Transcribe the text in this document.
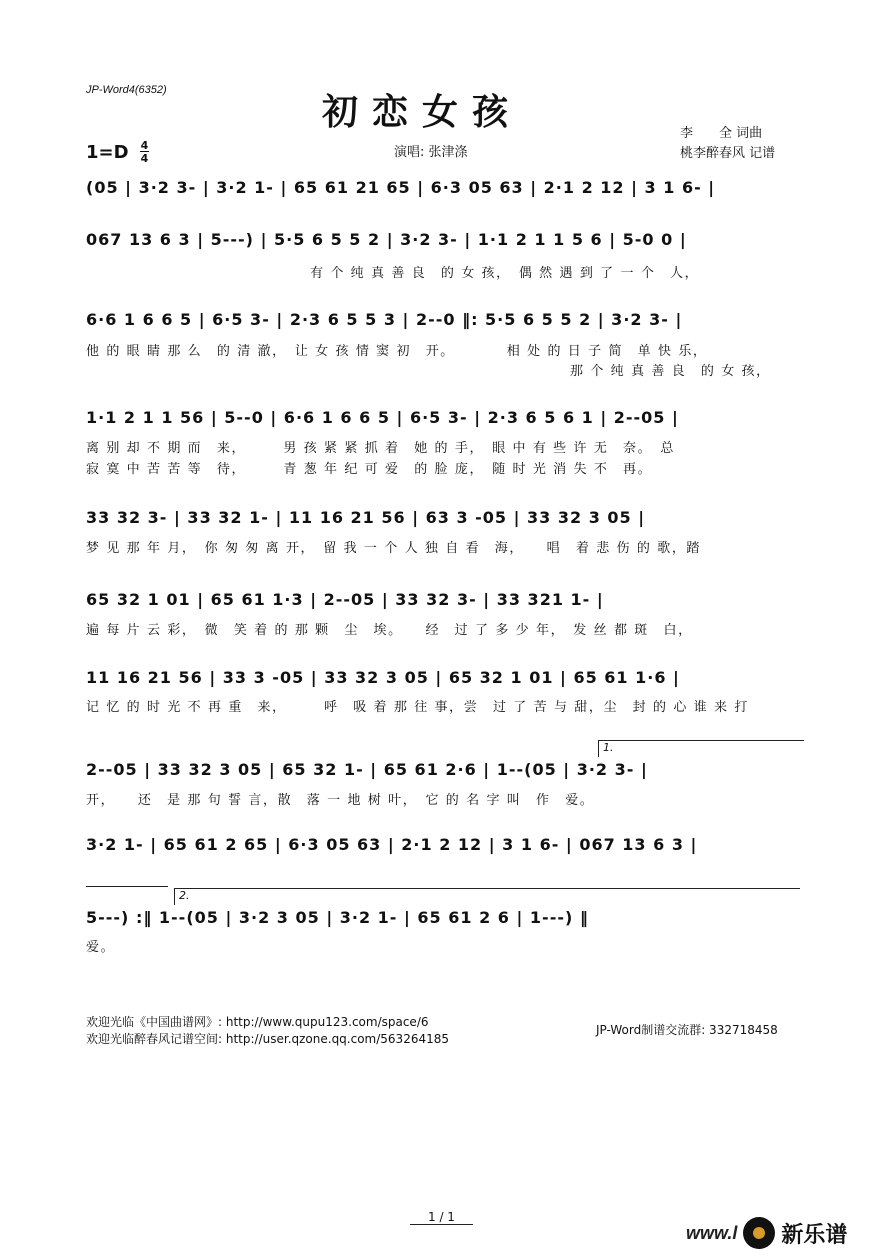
JP-Word4(6352)
初恋女孩
李　　全 词曲
桃李醉春风 记谱
演唱: 张津涤
1=D 4
4
(05 | 3·2 3- | 3·2 1- | 65 61 21 65 | 6·3 05 63 | 2·1 2 12 | 3 1 6- |
067 13 6 3 | 5---) | 5·5 6 5 5 2 | 3·2 3- | 1·1 2 1 1 5 6 | 5-0 0 |
有 个 纯 真 善 良　的 女 孩，　偶 然 遇 到 了 一 个　人，
6·6 1 6 6 5 | 6·5 3- | 2·3 6 5 5 3 | 2--0 ‖: 5·5 6 5 5 2 | 3·2 3- |
他 的 眼 睛 那 么　的 清 澈，　让 女 孩 情 窦 初　开。　　　　相 处 的 日 子 简　单 快 乐，
那 个 纯 真 善 良　的 女 孩，
1·1 2 1 1 56 | 5--0 | 6·6 1 6 6 5 | 6·5 3- | 2·3 6 5 6 1 | 2--05 |
离 别 却 不 期 而　来，　　　男 孩 紧 紧 抓 着　她 的 手，　眼 中 有 些 许 无　奈。　总
寂 寞 中 苦 苦 等　待，　　　青 葱 年 纪 可 爱　的 脸 庞，　随 时 光 消 失 不　再。
33 32 3- | 33 32 1- | 11 16 21 56 | 63 3 -05 | 33 32 3 05 |
梦 见 那 年 月，　你 匆 匆 离 开，　留 我 一 个 人 独 自 看　海，　　唱　着 悲 伤 的 歌，踏
65 32 1 01 | 65 61 1·3 | 2--05 | 33 32 3- | 33 321 1- |
遍 每 片 云 彩，　微　笑 着 的 那 颗　尘　埃。　　经　过 了 多 少 年，　发 丝 都 斑　白，
11 16 21 56 | 33 3 -05 | 33 32 3 05 | 65 32 1 01 | 65 61 1·6 |
记 忆 的 时 光 不 再 重　来，　　　呼　吸 着 那 往 事，尝　过 了 苦 与 甜，尘　封 的 心 谁 来 打
1.
2--05 | 33 32 3 05 | 65 32 1- | 65 61 2·6 | 1--(05 | 3·2 3- |
开，　　还　是 那 句 誓 言，散　落 一 地 树 叶，　它 的 名 字 叫　作　爱。
3·2 1- | 65 61 2 65 | 6·3 05 63 | 2·1 2 12 | 3 1 6- | 067 13 6 3 |
2.
5---) :‖ 1--(05 | 3·2 3 05 | 3·2 1- | 65 61 2 6 | 1---) ‖
爱。
欢迎光临《中国曲谱网》: http://www.qupu123.com/space/6
欢迎光临醉春风记谱空间: http://user.qzone.qq.com/563264185
JP-Word制谱交流群: 332718458
1 / 1
www.l 新乐谱
